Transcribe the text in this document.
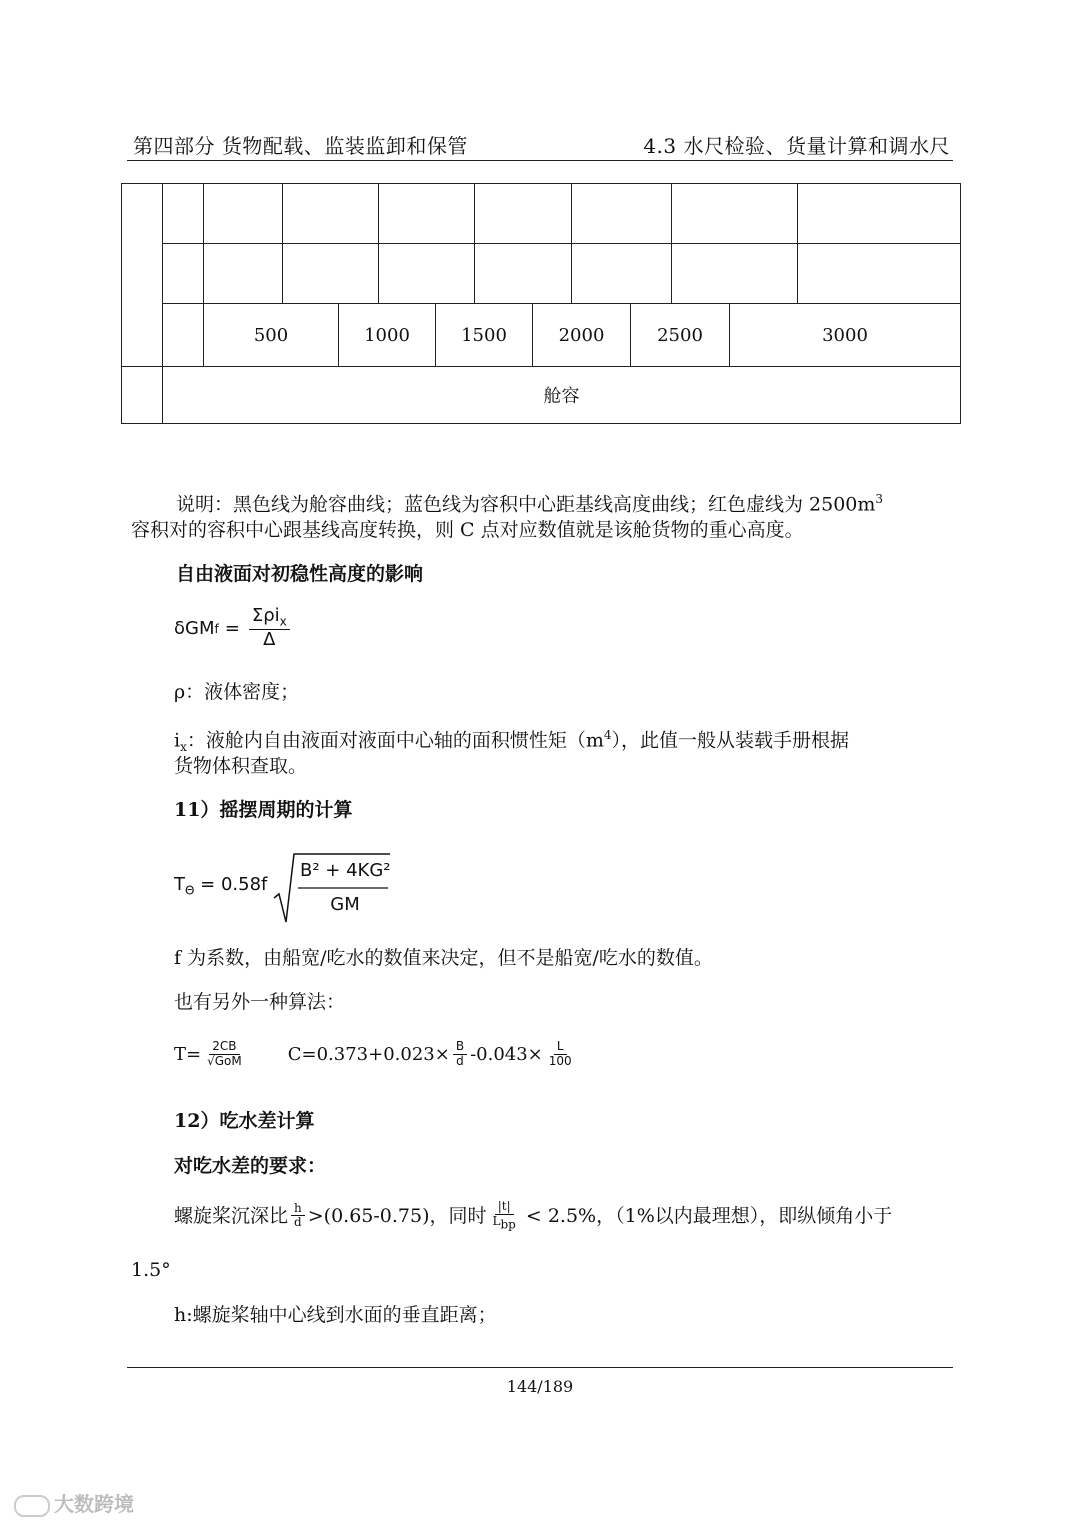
第四部分 货物配载、监装监卸和保管	4.3 水尺检验、货量计算和调水尺

		500		1000		1500		2000		2500		3000		
	舱容													
说明：黑色线为舱容曲线；蓝色线为容积中心距基线高度曲线；红色虚线为 $2500m^3$
容积对的容积中心跟基线高度转换，则 C 点对应数值就是该舱货物的重心高度。
自由液面对初稳性高度的影响
δGM $f = \frac{\Sigma\rho i_x}{\Delta}$
ρ：液体密度；
$i_x$：液舱内自由液面对液面中心轴的面积惯性矩$(m^4)$，此值一般从装载手册根据
货物体积查取。
11）摇摆周期的计算
$T_\Theta = 0.58f$
B² + 4KG²
GM
f 为系数，由船宽/吃水的数值来决定，但不是船宽/吃水的数值。
也有另外一种算法：
$T= \frac{2CB}{\text{√GoM}} C=0.373+0.023\times \frac{B}{d} -0.043\times \frac{L}{100}$
12）吃水差计算
对吃水差的要求：
螺旋桨沉深比 $\frac{h}{d} >(0.65-0.75)$，同时 $\frac{|t|}{L_{bp}} < 2.5\%$，（1%以内最理想），即纵倾角小于
1.5°
h:螺旋桨轴中心线到水面的垂直距离；
144/189
大数跨境
